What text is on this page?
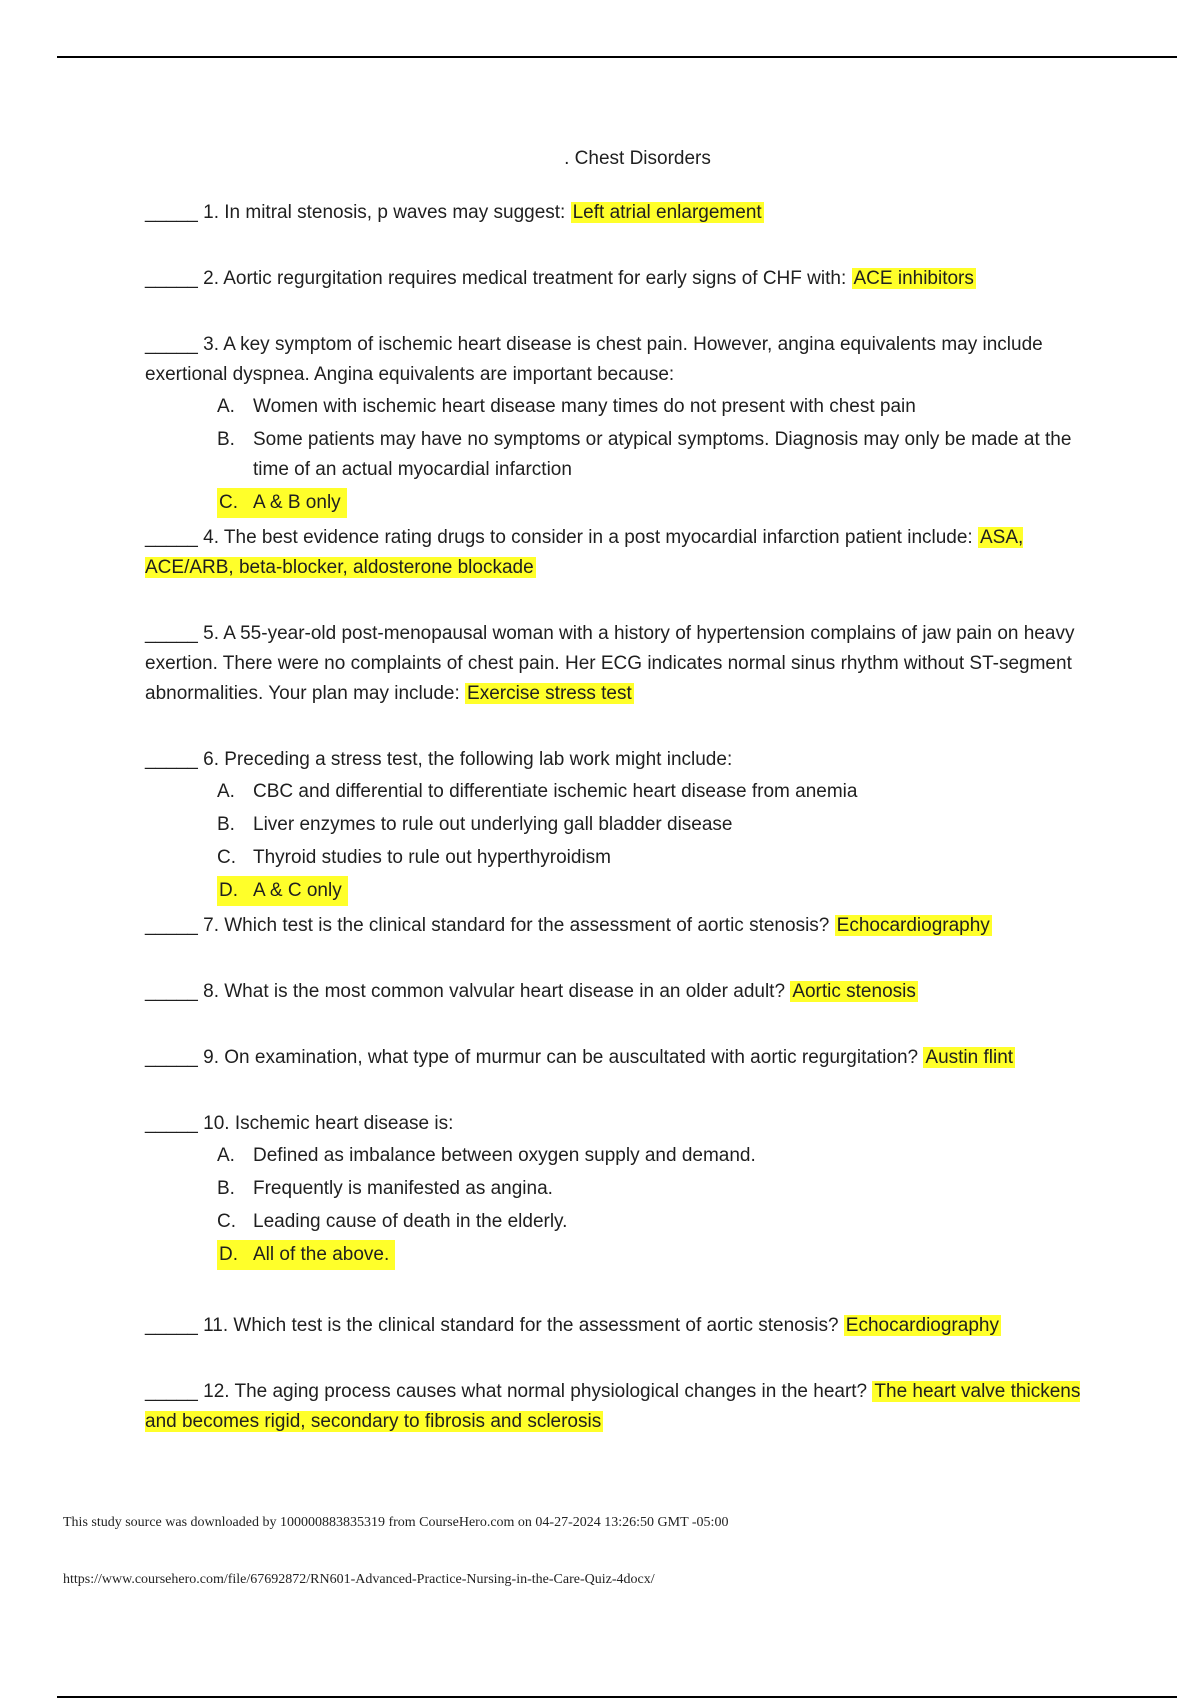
. Chest Disorders

_____ 1. In mitral stenosis, p waves may suggest: Left atrial enlargement

_____ 2. Aortic regurgitation requires medical treatment for early signs of CHF with: ACE inhibitors

_____ 3. A key symptom of ischemic heart disease is chest pain. However, angina equivalents may include exertional dyspnea. Angina equivalents are important because:

A. Women with ischemic heart disease many times do not present with chest pain
B. Some patients may have no symptoms or atypical symptoms. Diagnosis may only be made at the time of an actual myocardial infarction
C. A & B only

_____ 4. The best evidence rating drugs to consider in a post myocardial infarction patient include: ASA, ACE/ARB, beta-blocker, aldosterone blockade

_____ 5. A 55-year-old post-menopausal woman with a history of hypertension complains of jaw pain on heavy exertion. There were no complaints of chest pain. Her ECG indicates normal sinus rhythm without ST-segment abnormalities. Your plan may include: Exercise stress test

_____ 6. Preceding a stress test, the following lab work might include:

A. CBC and differential to differentiate ischemic heart disease from anemia
B. Liver enzymes to rule out underlying gall bladder disease
C. Thyroid studies to rule out hyperthyroidism
D. A & C only

_____ 7. Which test is the clinical standard for the assessment of aortic stenosis? Echocardiography

_____ 8. What is the most common valvular heart disease in an older adult? Aortic stenosis

_____ 9. On examination, what type of murmur can be auscultated with aortic regurgitation? Austin flint

_____ 10. Ischemic heart disease is:

A. Defined as imbalance between oxygen supply and demand.
B. Frequently is manifested as angina.
C. Leading cause of death in the elderly.
D. All of the above.

_____ 11. Which test is the clinical standard for the assessment of aortic stenosis? Echocardiography

_____ 12. The aging process causes what normal physiological changes in the heart? The heart valve thickens and becomes rigid, secondary to fibrosis and sclerosis

This study source was downloaded by 100000883835319 from CourseHero.com on 04-27-2024 13:26:50 GMT -05:00
https://www.coursehero.com/file/67692872/RN601-Advanced-Practice-Nursing-in-the-Care-Quiz-4docx/
